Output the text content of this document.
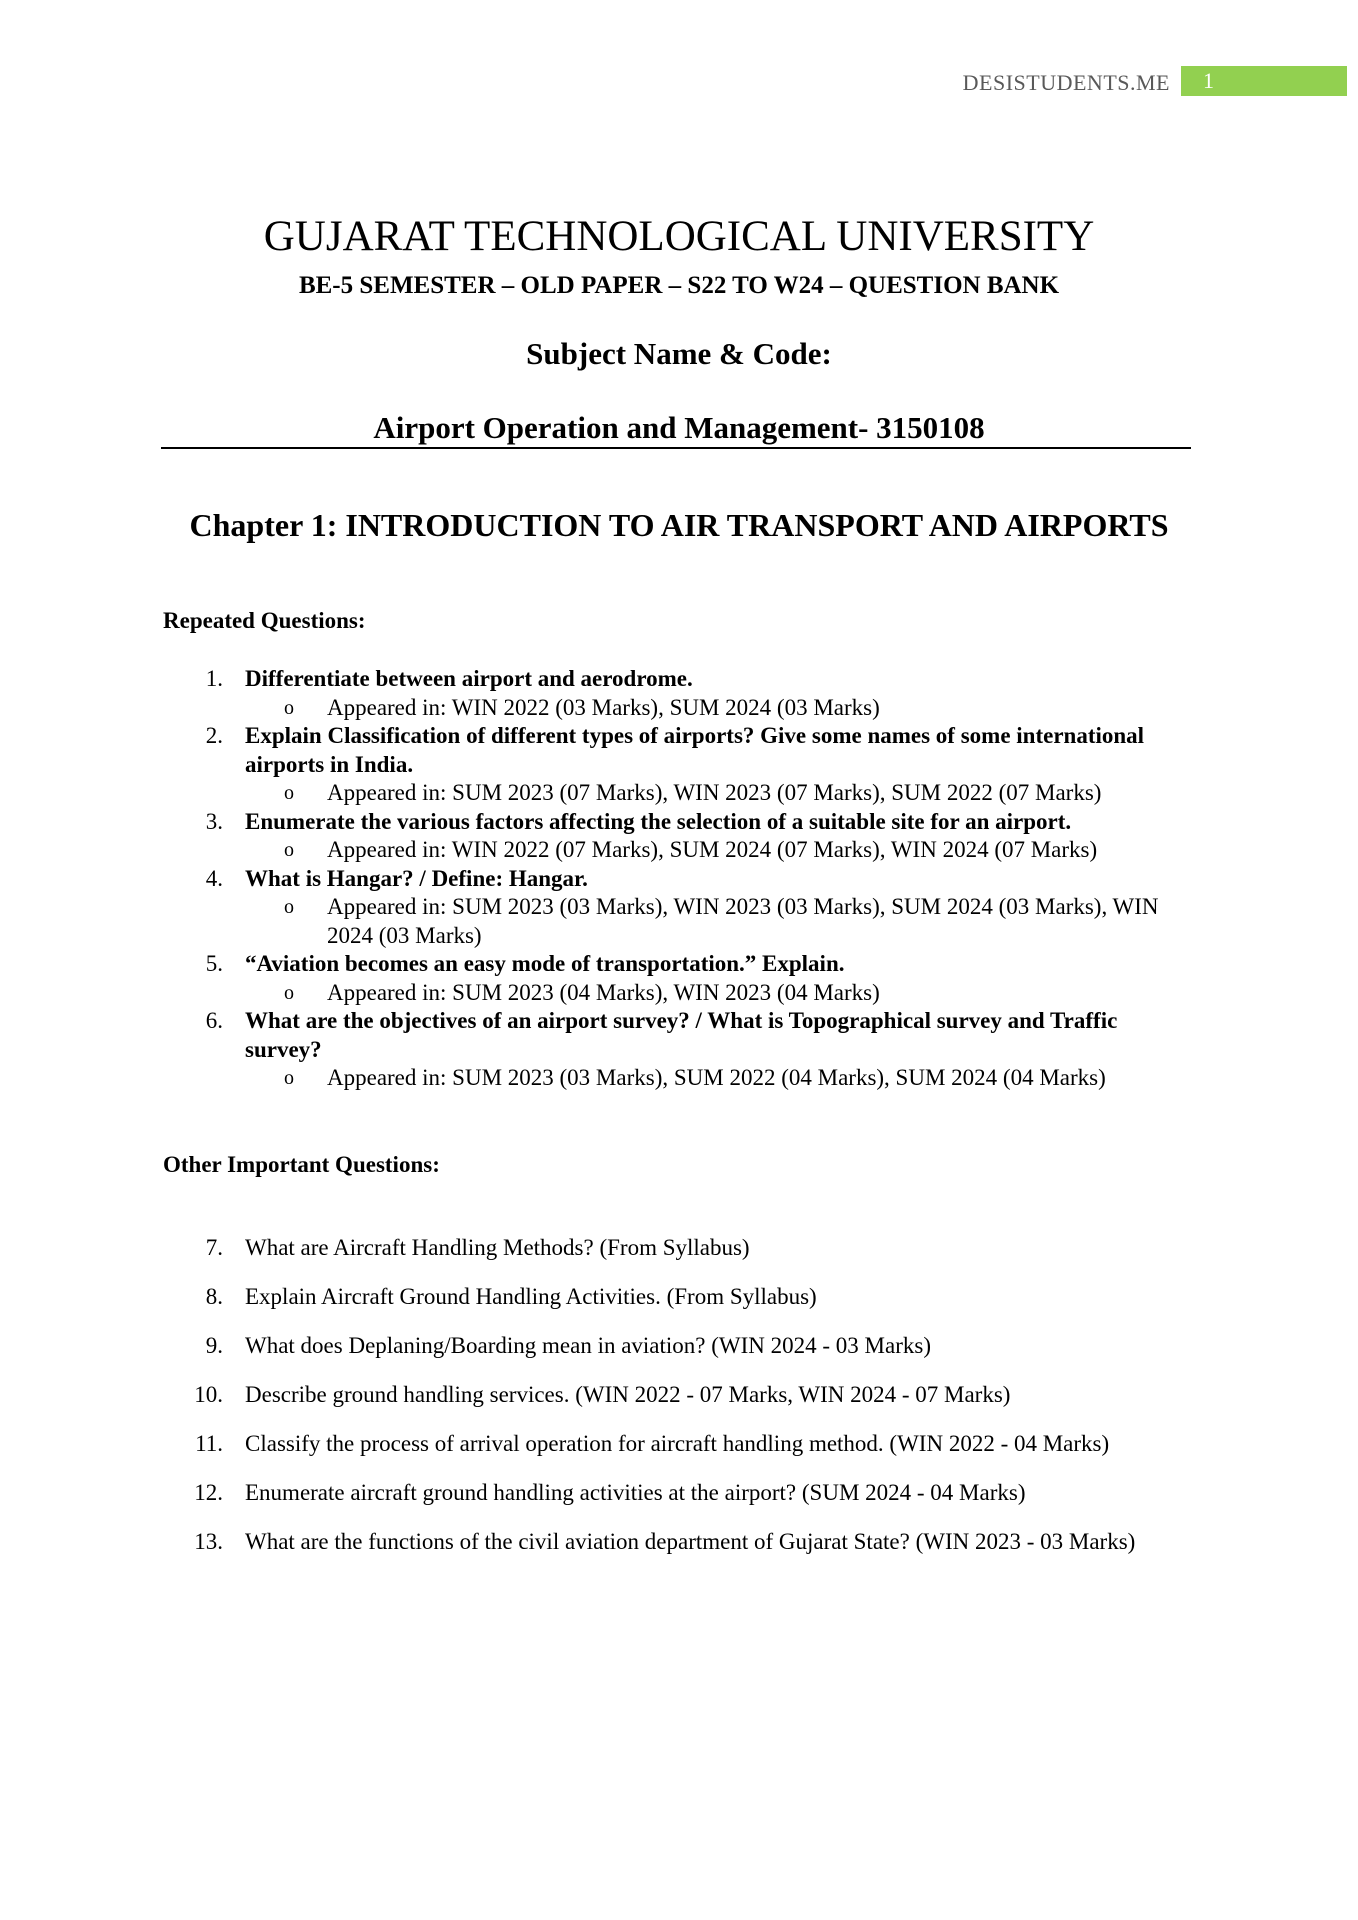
DESISTUDENTS.ME	1
GUJARAT TECHNOLOGICAL UNIVERSITY
BE-5 SEMESTER – OLD PAPER – S22 TO W24 – QUESTION BANK
Subject Name & Code:
Airport Operation and Management- 3150108
Chapter 1: INTRODUCTION TO AIR TRANSPORT AND AIRPORTS
Repeated Questions:
1. Differentiate between airport and aerodrome.
o Appeared in: WIN 2022 (03 Marks), SUM 2024 (03 Marks)
2. Explain Classification of different types of airports? Give some names of some international airports in India.
o Appeared in: SUM 2023 (07 Marks), WIN 2023 (07 Marks), SUM 2022 (07 Marks)
3. Enumerate the various factors affecting the selection of a suitable site for an airport.
o Appeared in: WIN 2022 (07 Marks), SUM 2024 (07 Marks), WIN 2024 (07 Marks)
4. What is Hangar? / Define: Hangar.
o Appeared in: SUM 2023 (03 Marks), WIN 2023 (03 Marks), SUM 2024 (03 Marks), WIN 2024 (03 Marks)
5. “Aviation becomes an easy mode of transportation.” Explain.
o Appeared in: SUM 2023 (04 Marks), WIN 2023 (04 Marks)
6. What are the objectives of an airport survey? / What is Topographical survey and Traffic survey?
o Appeared in: SUM 2023 (03 Marks), SUM 2022 (04 Marks), SUM 2024 (04 Marks)
Other Important Questions:
7. What are Aircraft Handling Methods? (From Syllabus)
8. Explain Aircraft Ground Handling Activities. (From Syllabus)
9. What does Deplaning/Boarding mean in aviation? (WIN 2024 - 03 Marks)
10. Describe ground handling services. (WIN 2022 - 07 Marks, WIN 2024 - 07 Marks)
11. Classify the process of arrival operation for aircraft handling method. (WIN 2022 - 04 Marks)
12. Enumerate aircraft ground handling activities at the airport? (SUM 2024 - 04 Marks)
13. What are the functions of the civil aviation department of Gujarat State? (WIN 2023 - 03 Marks)
